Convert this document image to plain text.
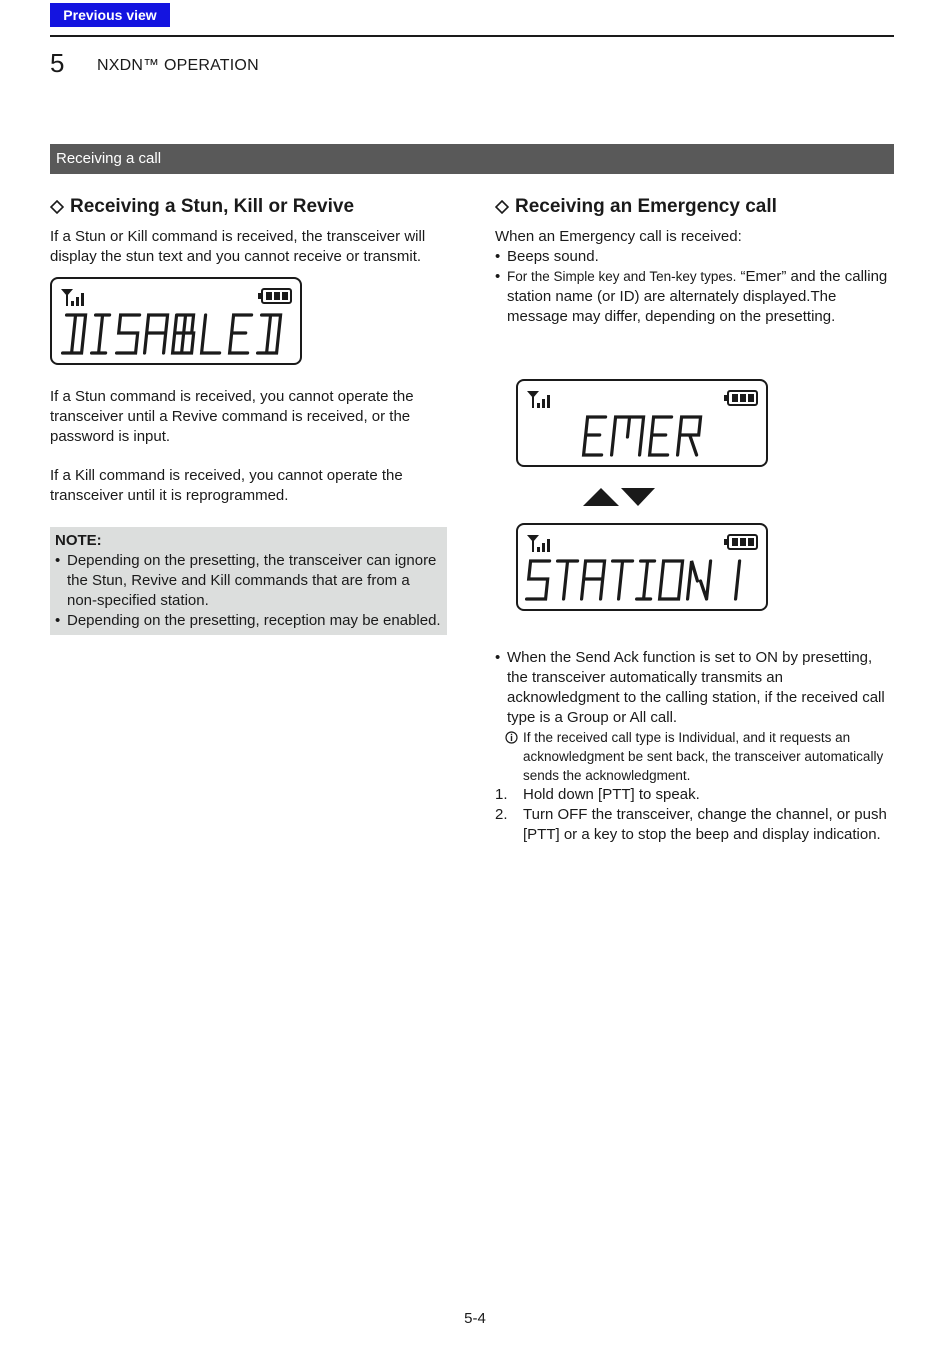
Previous view
5 NXDN™ OPERATION
Receiving a call
Receiving a Stun, Kill or Revive

If a Stun or Kill command is received, the transceiver will display the stun text and you cannot receive or transmit.

If a Stun command is received, you cannot operate the transceiver until a Revive command is received, or the password is input.

If a Kill command is received, you cannot operate the transceiver until it is reprogrammed.

NOTE:
• Depending on the presetting, the transceiver can ignore the Stun, Revive and Kill commands that are from a non-specified station.
• Depending on the presetting, reception may be enabled.
Receiving an Emergency call

When an Emergency call is received:

• Beeps sound.
• For the Simple key and Ten-key types. “Emer” and the calling station name (or ID) are alternately displayed.The message may differ, depending on the presetting.
• When the Send Ack function is set to ON by presetting, the transceiver automatically transmits an acknowledgment to the calling station, if the received call type is a Group or All call.
If the received call type is Individual, and it requests an acknowledgment be sent back, the transceiver automatically sends the acknowledgment.
1.	Hold down [PTT] to speak.
2.	Turn OFF the transceiver, change the channel, or push [PTT] or a key to stop the beep and display indication.
5-4
